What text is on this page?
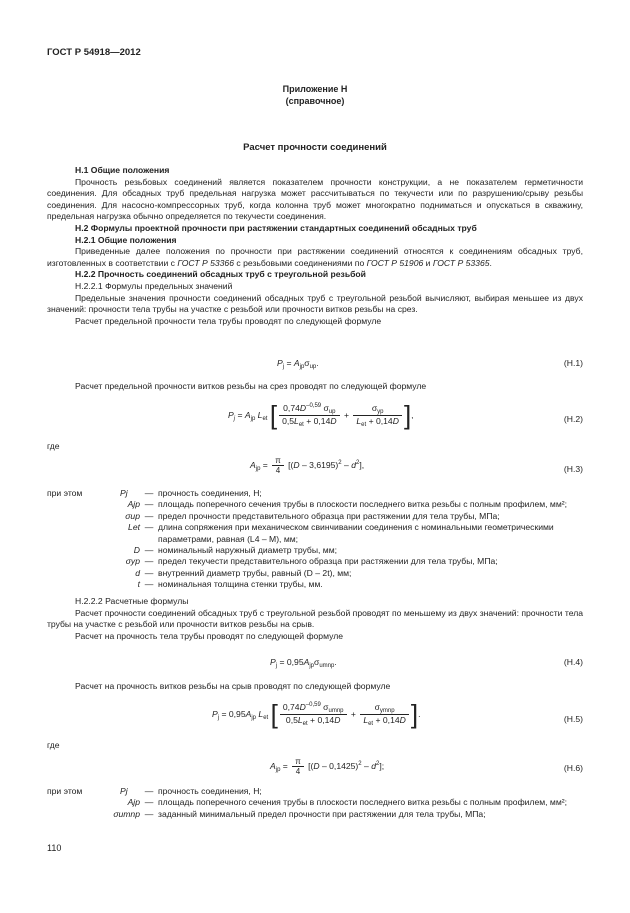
ГОСТ Р 54918—2012
Приложение Н
(справочное)
Расчет прочности соединений
Н.1 Общие положения
Прочность резьбовых соединений является показателем прочности конструкции, а не показателем герметичности соединения. Для обсадных труб предельная нагрузка может рассчитываться по текучести или по разрушению/срыву резьбы соединения. Для насосно-компрессорных труб, когда колонна труб может многократно подниматься и опускаться в скважину, предельная нагрузка обычно определяется по текучести соединения.
Н.2 Формулы проектной прочности при растяжении стандартных соединений обсадных труб
Н.2.1 Общие положения
Приведенные далее положения по прочности при растяжении соединений относятся к соединениям обсадных труб, изготовленных в соответствии с ГОСТ Р 53366 с резьбовыми соединениями по ГОСТ Р 51906 и ГОСТ Р 53365.
Н.2.2 Прочность соединений обсадных труб с треугольной резьбой
Н.2.2.1 Формулы предельных значений
Предельные значения прочности соединений обсадных труб с треугольной резьбой вычисляют, выбирая меньшее из двух значений: прочности тела трубы на участке с резьбой или прочности витков резьбы на срез.
Расчет предельной прочности тела трубы проводят по следующей формуле
$P_j = A_{jp}\sigma_{up}$.	(Н.1)
Расчет предельной прочности витков резьбы на срез проводят по следующей формуле
$P_j = A_{jp}$ $L_{et}$ [ $\frac{0,74D^{-0,59} \sigma_{up}}{0,5L_{et} + 0,14D} + \frac{\sigma_{yp}}{L_{et} + 0,14D}$ ],	(Н.2)
где
$A_{jp} = \frac{\pi}{4} [(D - 3,6195)^2 - d^2]$,	(Н.3)
при этом	Pj	— прочность соединения, Н;
Ajp — площадь поперечного сечения трубы в плоскости последнего витка резьбы с полным профилем, мм²;
σup — предел прочности представительного образца при растяжении для тела трубы, МПа;
Let — длина сопряжения при механическом свинчивании соединения с номинальными геометрическими параметрами, равная (L4 – M), мм;
D — номинальный наружный диаметр трубы, мм;
σyp — предел текучести представительного образца при растяжении для тела трубы, МПа;
d — внутренний диаметр трубы, равный (D – 2t), мм;
t — номинальная толщина стенки трубы, мм.
Н.2.2.2 Расчетные формулы
Расчет прочности соединений обсадных труб с треугольной резьбой проводят по меньшему из двух значений: прочности тела трубы на участке с резьбой или прочности витков резьбы на срыв.
Расчет на прочность тела трубы проводят по следующей формуле
$P_j = 0,95A_{jp}\sigma_{umnp}$.	(Н.4)
Расчет на прочность витков резьбы на срыв проводят по следующей формуле
$P_j = 0,95A_{jp}$ $L_{et}$ [ $\frac{0,74D^{-0,59} \sigma_{umnp}}{0,5L_{et} + 0,14D} + \frac{\sigma_{ymnp}}{L_{et} + 0,14D}$ ].
(Н.5)
где
$A_{jp} = \frac{\pi}{4} [(D - 0,1425)^2 - d^2]$;	(Н.6)
при этом	Pj	— прочность соединения, Н;
Ajp — площадь поперечного сечения трубы в плоскости последнего витка резьбы с полным профилем, мм²;
σumnp — заданный минимальный предел прочности при растяжении для тела трубы, МПа;
110
